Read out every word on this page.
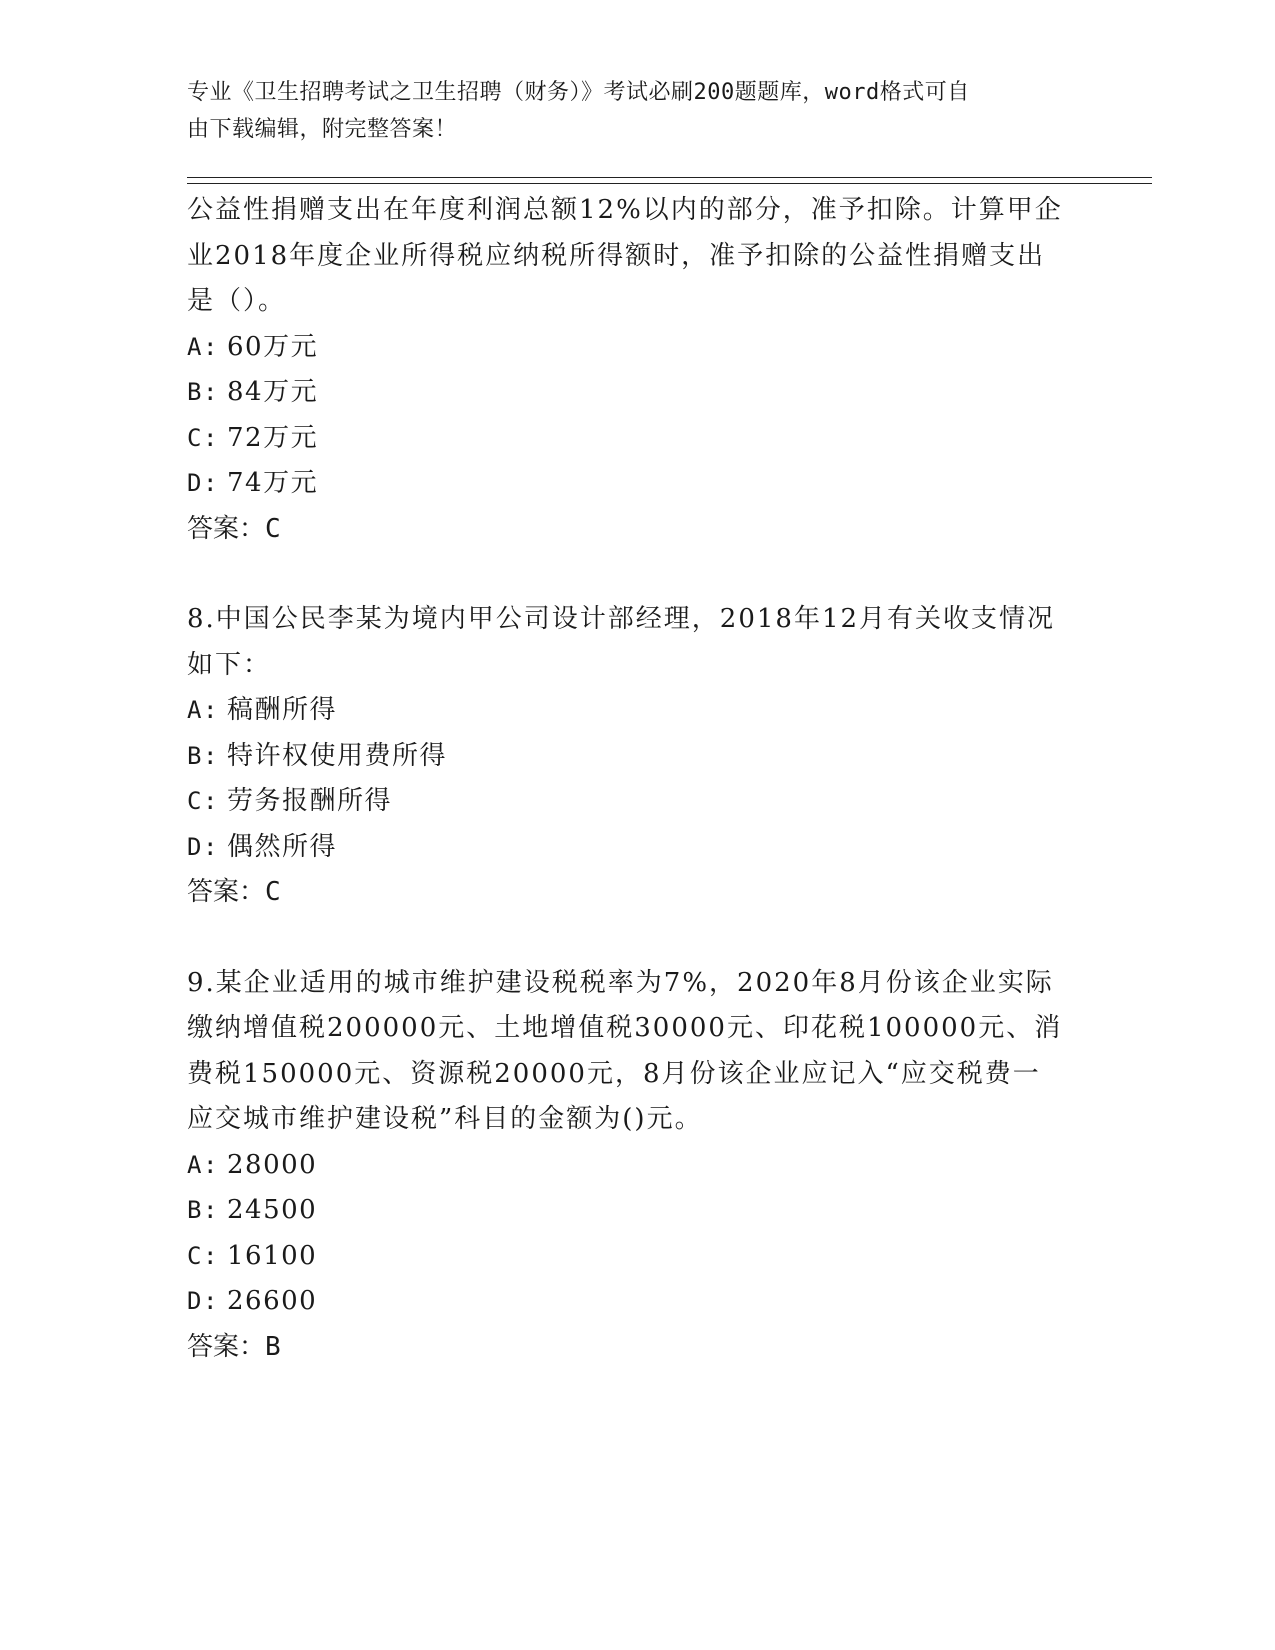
专业《卫生招聘考试之卫生招聘（财务）》考试必刷200题题库，word格式可自
由下载编辑，附完整答案！
公益性捐赠支出在年度利润总额12%以内的部分，准予扣除。计算甲企
业2018年度企业所得税应纳税所得额时，准予扣除的公益性捐赠支出
是（）。
A: 60万元
B: 84万元
C: 72万元
D: 74万元
答案：C
8.中国公民李某为境内甲公司设计部经理，2018年12月有关收支情况
如下：
A: 稿酬所得
B: 特许权使用费所得
C: 劳务报酬所得
D: 偶然所得
答案：C
9.某企业适用的城市维护建设税税率为7%，2020年8月份该企业实际
缴纳增值税200000元、土地增值税30000元、印花税100000元、消
费税150000元、资源税20000元，8月份该企业应记入“应交税费一
应交城市维护建设税”科目的金额为()元。
A: 28000
B: 24500
C: 16100
D: 26600
答案：B
